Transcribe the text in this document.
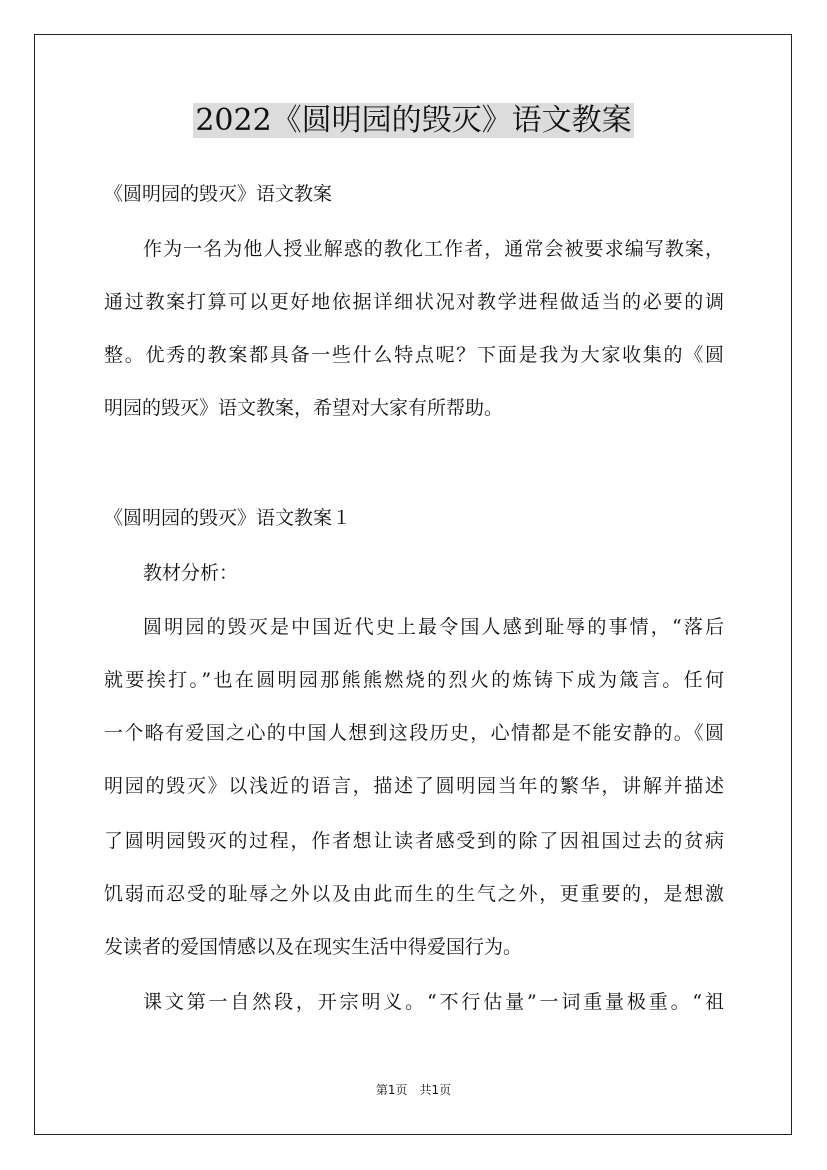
2022《圆明园的毁灭》语文教案

《圆明园的毁灭》语文教案

作为一名为他人授业解惑的教化工作者，通常会被要求编写教案，

通过教案打算可以更好地依据详细状况对教学进程做适当的必要的调

整。优秀的教案都具备一些什么特点呢？下面是我为大家收集的《圆

明园的毁灭》语文教案，希望对大家有所帮助。

《圆明园的毁灭》语文教案１

教材分析：

圆明园的毁灭是中国近代史上最令国人感到耻辱的事情，“落后

就要挨打。”也在圆明园那熊熊燃烧的烈火的炼铸下成为箴言。任何

一个略有爱国之心的中国人想到这段历史，心情都是不能安静的。《圆

明园的毁灭》以浅近的语言，描述了圆明园当年的繁华，讲解并描述

了圆明园毁灭的过程，作者想让读者感受到的除了因祖国过去的贫病

饥弱而忍受的耻辱之外以及由此而生的生气之外，更重要的，是想激

发读者的爱国情感以及在现实生活中得爱国行为。

课文第一自然段，开宗明义。“不行估量”一词重量极重。“祖

第1页　共1页
